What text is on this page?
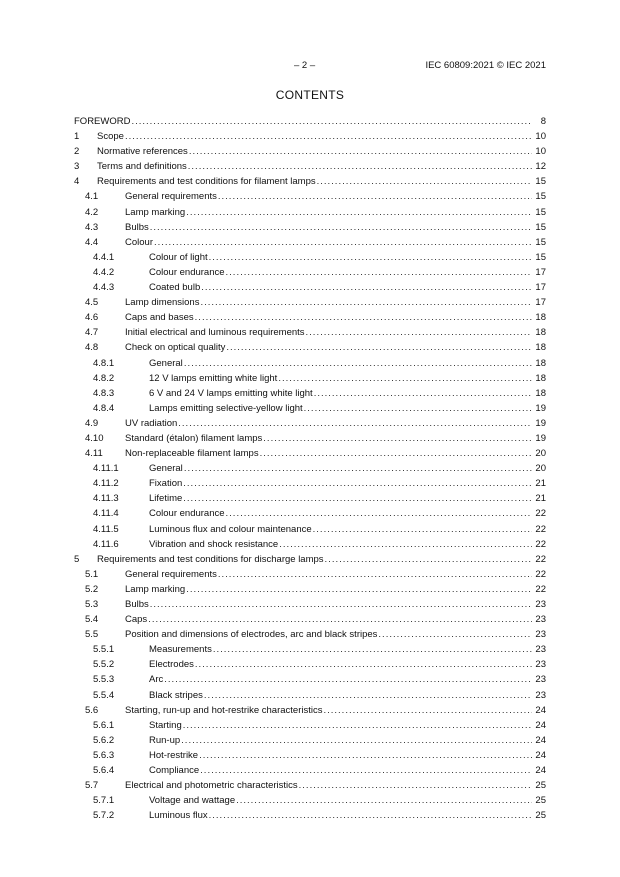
– 2 –	IEC 60809:2021 © IEC 2021
CONTENTS
FOREWORD .....	8
1 Scope .....	10
2 Normative references .....	10
3 Terms and definitions .....	12
4 Requirements and test conditions for filament lamps .....	15
4.1	General requirements .....	15
4.2	Lamp marking .....	15
4.3	Bulbs .....	15
4.4	Colour .....	15
4.4.1	Colour of light .....	15
4.4.2	Colour endurance .....	17
4.4.3	Coated bulb .....	17
4.5	Lamp dimensions .....	17
4.6	Caps and bases .....	18
4.7	Initial electrical and luminous requirements .....	18
4.8	Check on optical quality .....	18
4.8.1	General .....	18
4.8.2	12 V lamps emitting white light .....	18
4.8.3	6 V and 24 V lamps emitting white light .....	18
4.8.4	Lamps emitting selective-yellow light .....	19
4.9	UV radiation .....	19
4.10 Standard (étalon) filament lamps .....	19
4.11 Non-replaceable filament lamps .....	20
4.11.1	General .....	20
4.11.2	Fixation .....	21
4.11.3	Lifetime .....	21
4.11.4	Colour endurance .....	22
4.11.5	Luminous flux and colour maintenance .....	22
4.11.6	Vibration and shock resistance .....	22
5 Requirements and test conditions for discharge lamps .....	22
5.1	General requirements .....	22
5.2	Lamp marking .....	22
5.3	Bulbs .....	23
5.4	Caps .....	23
5.5	Position and dimensions of electrodes, arc and black stripes .....	23
5.5.1	Measurements .....	23
5.5.2	Electrodes .....	23
5.5.3	Arc .....	23
5.5.4	Black stripes .....	23
5.6	Starting, run-up and hot-restrike characteristics .....	24
5.6.1	Starting .....	24
5.6.2	Run-up .....	24
5.6.3	Hot-restrike .....	24
5.6.4	Compliance .....	24
5.7	Electrical and photometric characteristics .....	25
5.7.1	Voltage and wattage .....	25
5.7.2	Luminous flux .....	25
